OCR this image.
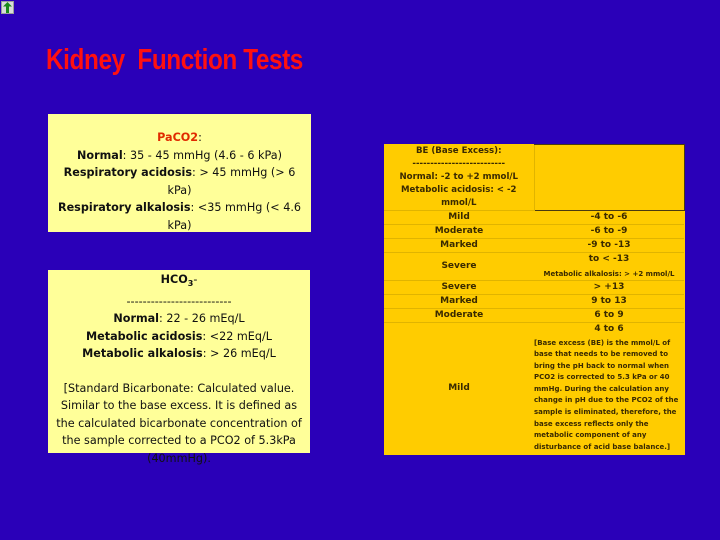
Kidney  Function Tests
PaCO2:
Normal: 35 - 45 mmHg (4.6 - 6 kPa)
Respiratory acidosis: > 45 mmHg (> 6 kPa)
Respiratory alkalosis: <35 mmHg (< 4.6 kPa)
$HCO_3-$
--------------------------
Normal: 22 - 26 mEq/L
Metabolic acidosis: <22 mEq/L
Metabolic alkalosis: > 26 mEq/L
[Standard Bicarbonate: Calculated value. Similar to the base excess. It is defined as the calculated bicarbonate concentration of the sample corrected to a PCO2 of 5.3kPa (40mmHg).
BE (Base Excess):
--------------------------
Normal: -2 to +2 mmol/L
Metabolic acidosis: < -2 mmol/L	

Mild	-4 to -6
Moderate	-6 to -9
Marked	-9 to -13
Severe	to < -13
Metabolic alkalosis: > +2 mmol/L

Severe	> +13
Marked	9 to 13
Moderate	6 to 9
Mild	4 to 6
[Base excess (BE) is the mmol/L of base that needs to be removed to bring the pH back to normal when PCO2 is corrected to 5.3 kPa or 40 mmHg. During the calculation any change in pH due to the PCO2 of the sample is eliminated, therefore, the base excess reflects only the metabolic component of any disturbance of acid base balance.]
